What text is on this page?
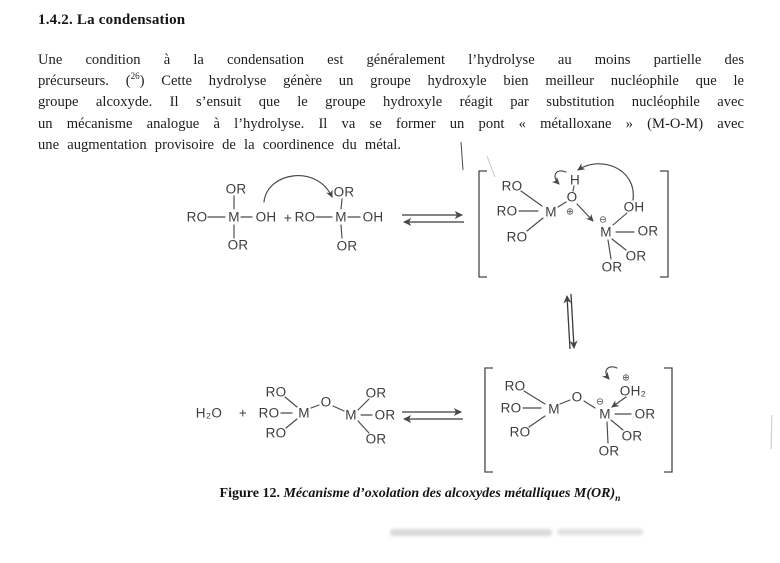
1.4.2. La condensation
Une condition à la condensation est généralement l’hydrolyse au moins partielle des
précurseurs. ($^{26}$) Cette hydrolyse génère un groupe hydroxyle bien meilleur nucléophile que le
groupe alcoxyde. Il s’ensuit que le groupe hydroxyle réagit par substitution nucléophile avec
un mécanisme analogue à l’hydrolyse. Il va se former un pont « métalloxane » (M-O-M) avec
une augmentation provisoire de la coordinence du métal.
OR
RO M OH
OR
+
OR
RO M OH
OR
RO
RO
RO
M
O
⊕
H
⊖
M
OH
OR
OR
OR
H₂O +
RO
RO
RO
M
O
M
OR
OR
OR
RO
RO
RO
M
O ⊖
M
⊕
OH₂
OR
OR
OR
Figure 12. Mécanisme d’oxolation des alcoxydes métalliques $M(OR)_n$
